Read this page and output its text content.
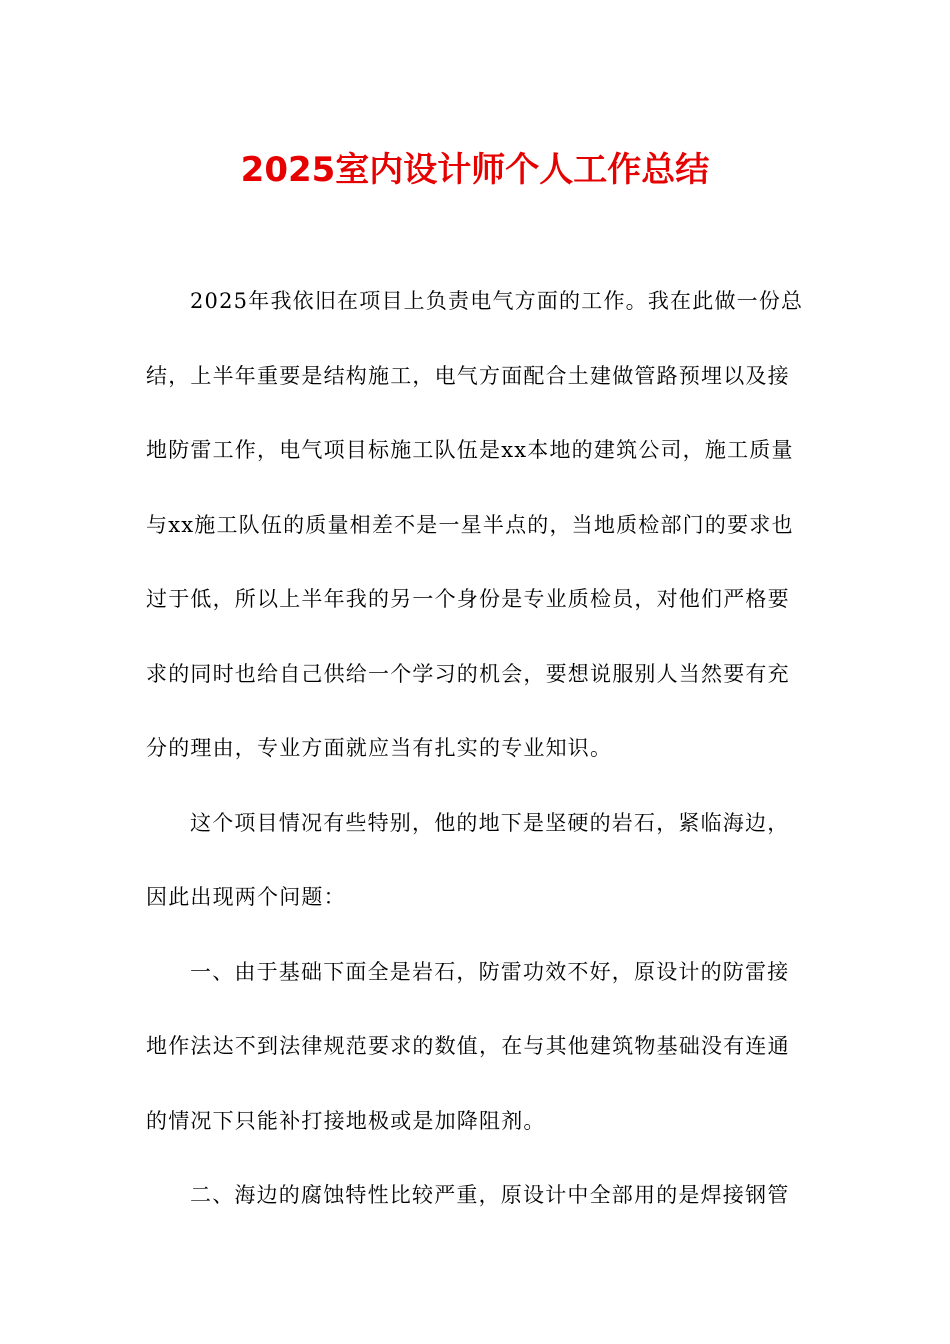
2025室内设计师个人工作总结
2025年我依旧在项目上负责电气方面的工作。我在此做一份总
结，上半年重要是结构施工，电气方面配合土建做管路预埋以及接
地防雷工作，电气项目标施工队伍是xx本地的建筑公司，施工质量
与xx施工队伍的质量相差不是一星半点的，当地质检部门的要求也
过于低，所以上半年我的另一个身份是专业质检员，对他们严格要
求的同时也给自己供给一个学习的机会，要想说服别人当然要有充
分的理由，专业方面就应当有扎实的专业知识。
这个项目情况有些特别，他的地下是坚硬的岩石，紧临海边，
因此出现两个问题：
一、由于基础下面全是岩石，防雷功效不好，原设计的防雷接
地作法达不到法律规范要求的数值，在与其他建筑物基础没有连通
的情况下只能补打接地极或是加降阻剂。
二、海边的腐蚀特性比较严重，原设计中全部用的是焊接钢管
